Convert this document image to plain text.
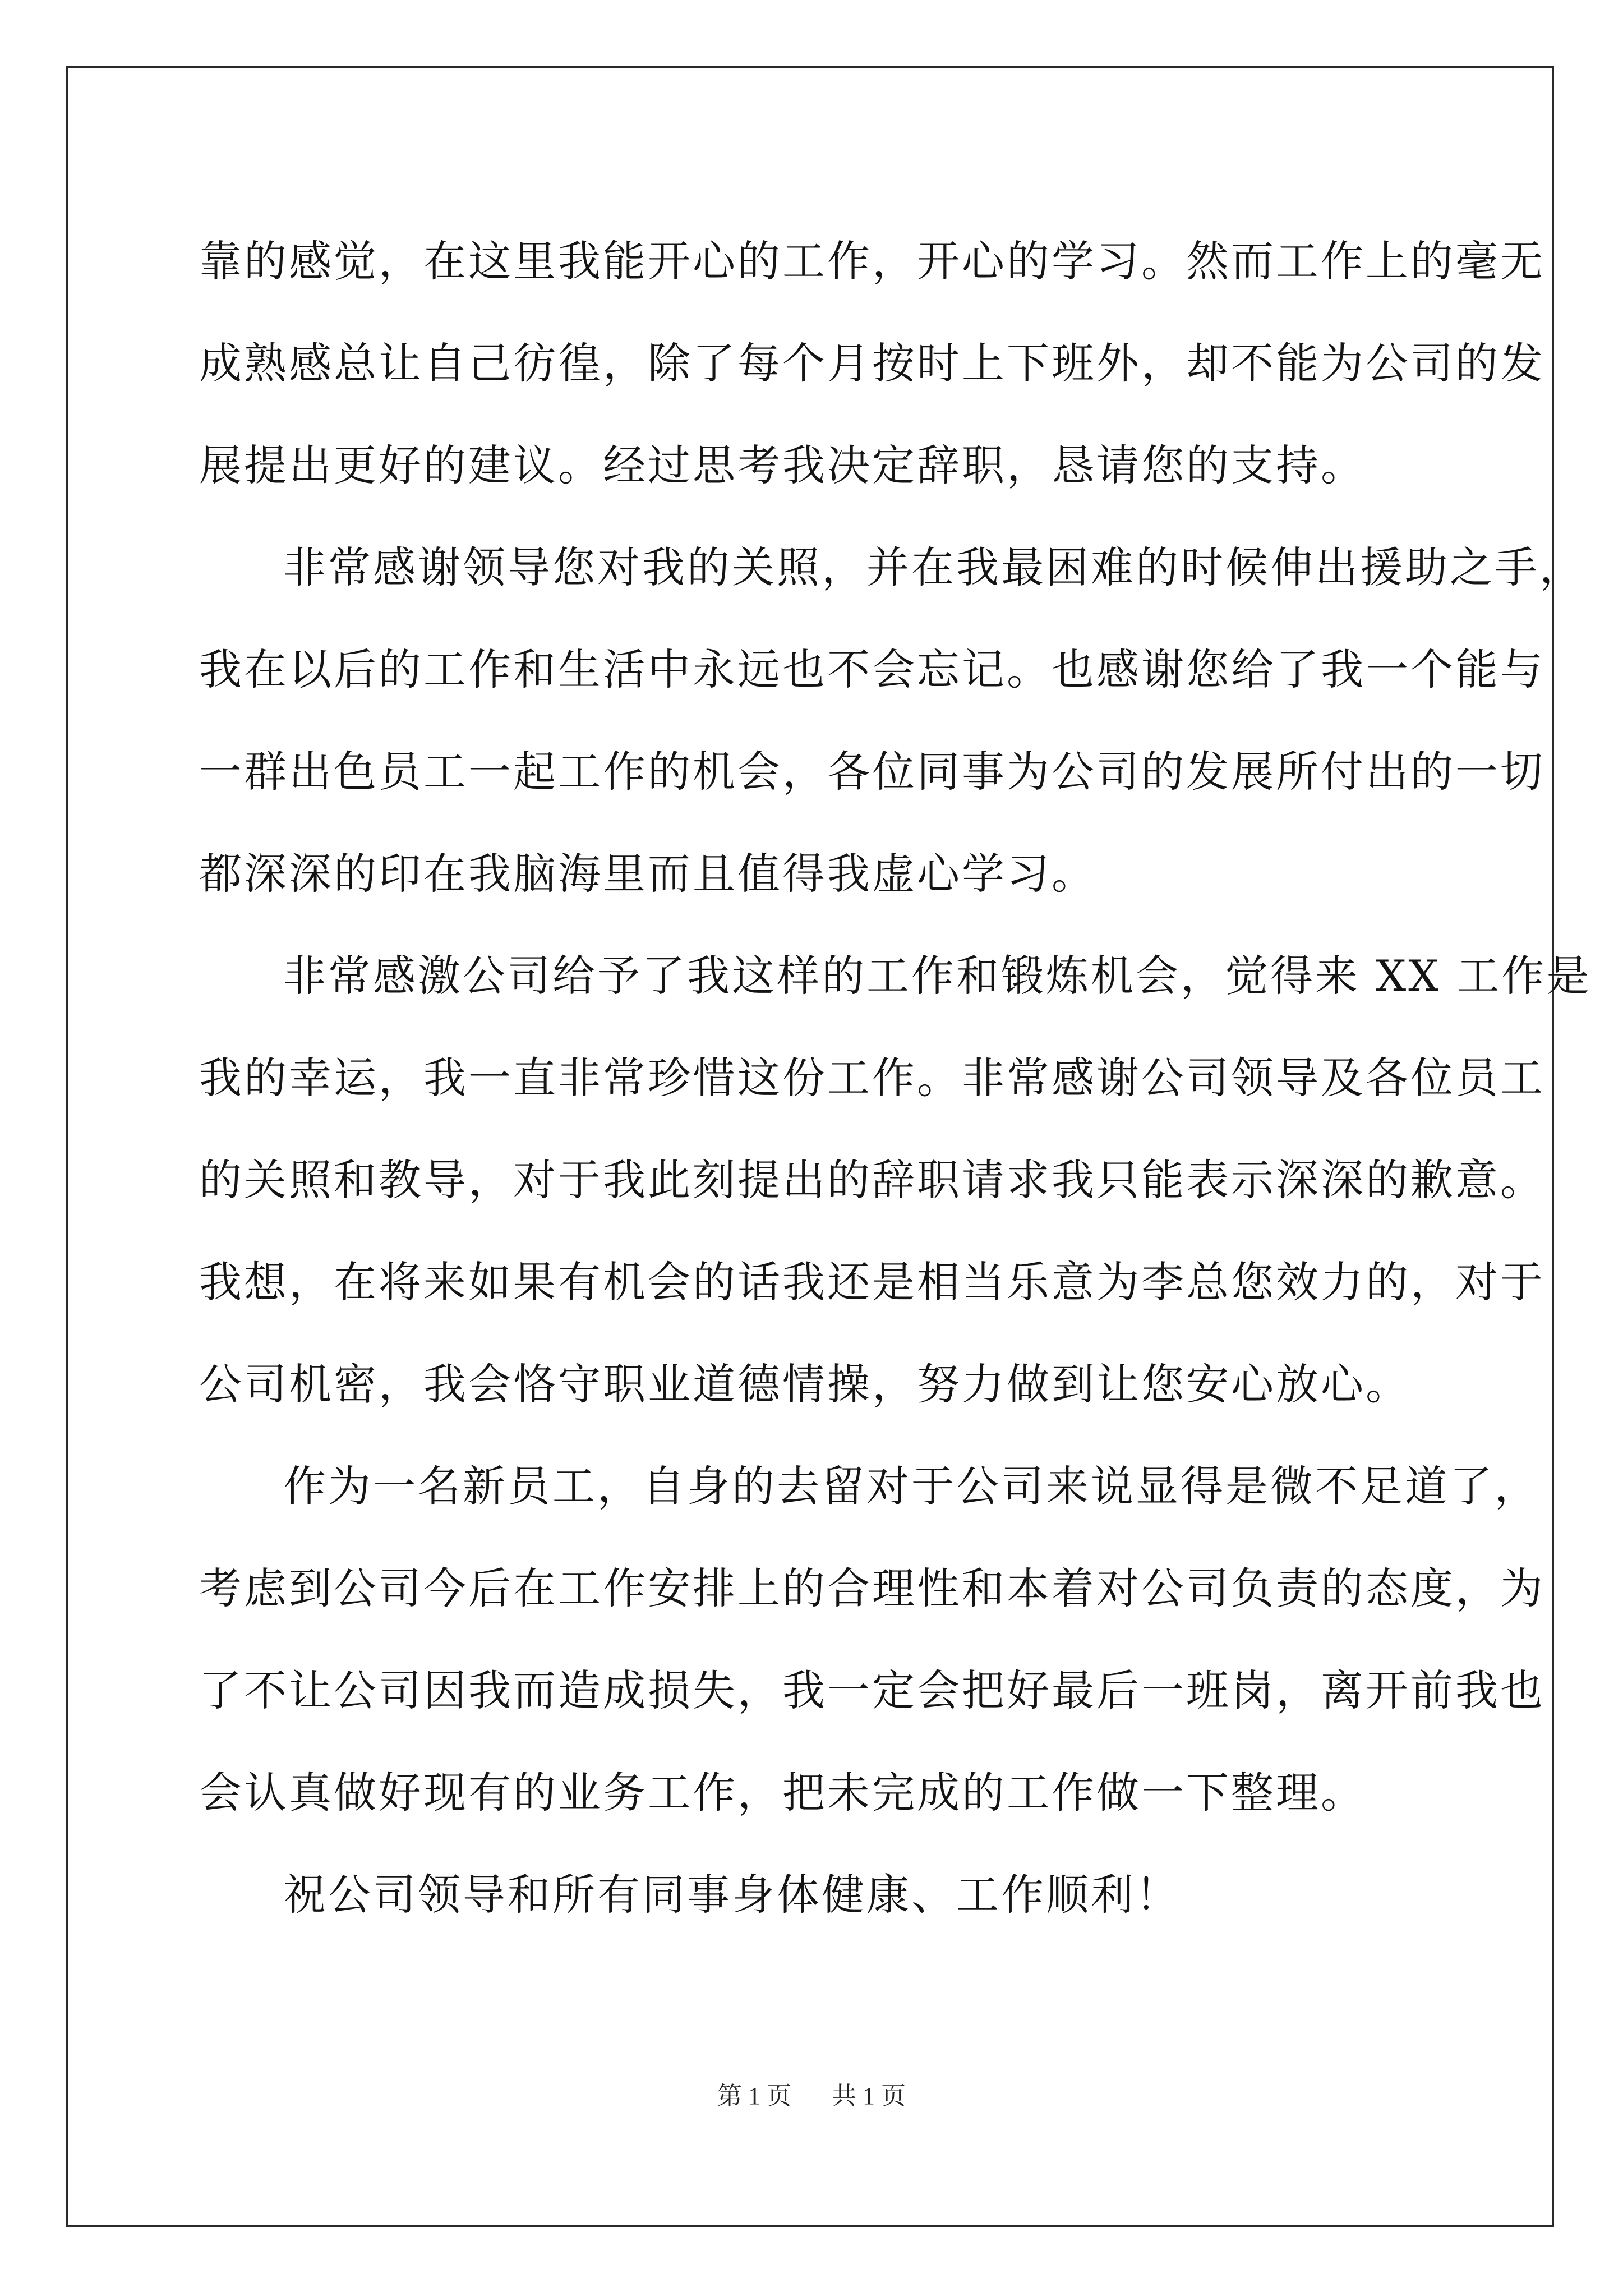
靠的感觉，在这里我能开心的工作，开心的学习。然而工作上的毫无
成熟感总让自己彷徨，除了每个月按时上下班外，却不能为公司的发
展提出更好的建议。经过思考我决定辞职，恳请您的支持。
非常感谢领导您对我的关照，并在我最困难的时候伸出援助之手，
我在以后的工作和生活中永远也不会忘记。也感谢您给了我一个能与
一群出色员工一起工作的机会，各位同事为公司的发展所付出的一切
都深深的印在我脑海里而且值得我虚心学习。
非常感激公司给予了我这样的工作和锻炼机会，觉得来 XX 工作是
我的幸运，我一直非常珍惜这份工作。非常感谢公司领导及各位员工
的关照和教导，对于我此刻提出的辞职请求我只能表示深深的歉意。
我想，在将来如果有机会的话我还是相当乐意为李总您效力的，对于
公司机密，我会恪守职业道德情操，努力做到让您安心放心。
作为一名新员工，自身的去留对于公司来说显得是微不足道了，
考虑到公司今后在工作安排上的合理性和本着对公司负责的态度，为
了不让公司因我而造成损失，我一定会把好最后一班岗，离开前我也
会认真做好现有的业务工作，把未完成的工作做一下整理。
祝公司领导和所有同事身体健康、工作顺利！
第 1 页 共 1 页
